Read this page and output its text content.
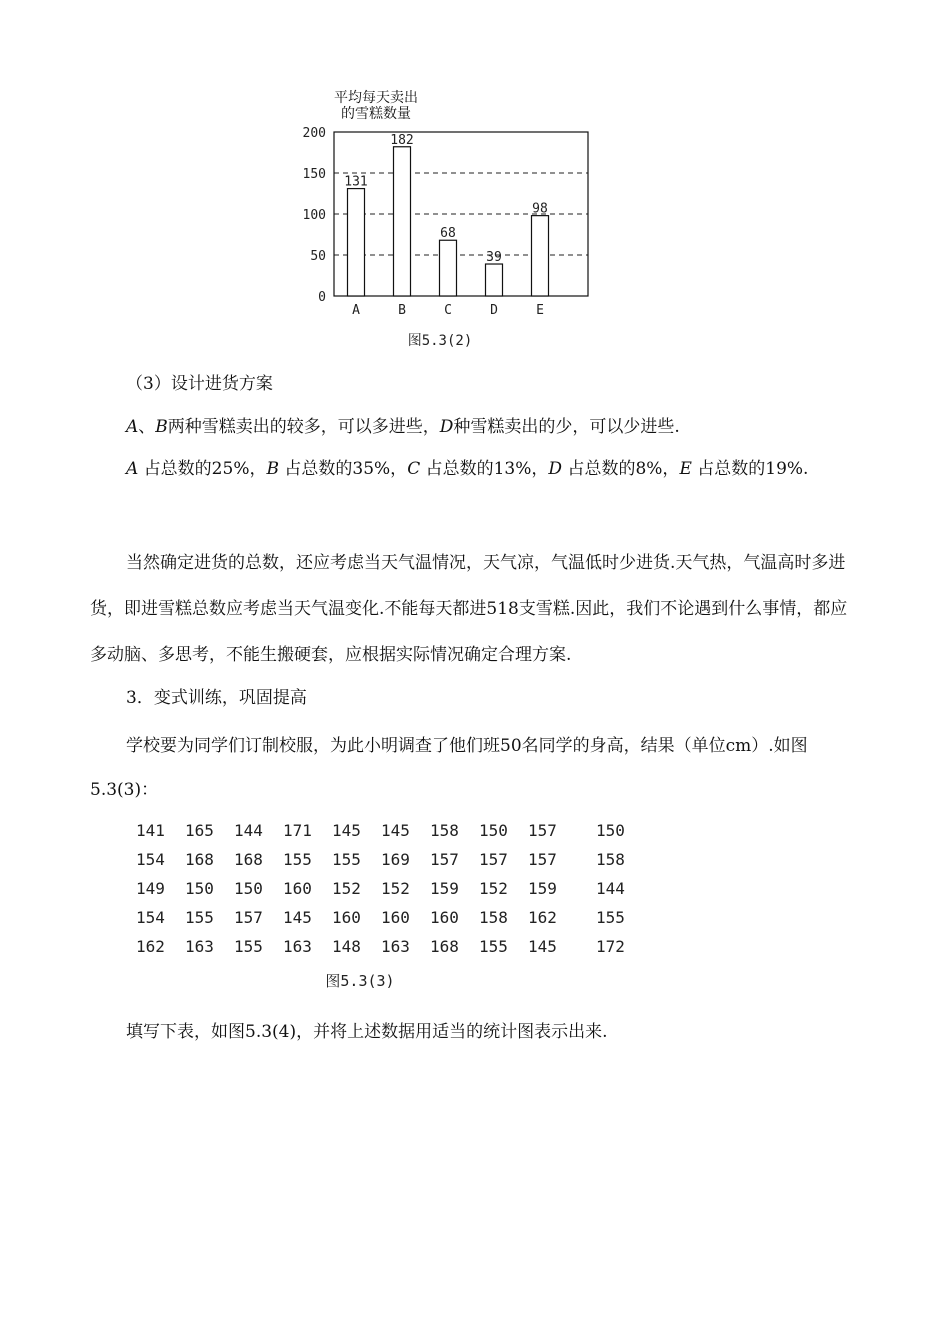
平均每天卖出
的雪糕数量
0
50
100
150
200
131
A
182
B
68
C
39
D
98
E
图5.3(2)

（3）设计进货方案

A、B两种雪糕卖出的较多，可以多进些，D种雪糕卖出的少，可以少进些.

A 占总数的25%，B 占总数的35%，C 占总数的13%，D 占总数的8%，E 占总数的19%.

当然确定进货的总数，还应考虑当天气温情况，天气凉，气温低时少进货.天气热，气温高时多进货，即进雪糕总数应考虑当天气温变化.不能每天都进518支雪糕.因此，我们不论遇到什么事情，都应多动脑、多思考，不能生搬硬套，应根据实际情况确定合理方案.

3．变式训练，巩固提高

学校要为同学们订制校服，为此小明调查了他们班50名同学的身高，结果（单位cm）.如图5.3(3)：

141	165	144	171	145	145	158	150	157	150
154	168	168	155	155	169	157	157	157	158
149	150	150	160	152	152	159	152	159	144
154	155	157	145	160	160	160	158	162	155
162	163	155	163	148	163	168	155	145	172
图5.3(3)

填写下表，如图5.3(4)，并将上述数据用适当的统计图表示出来.
